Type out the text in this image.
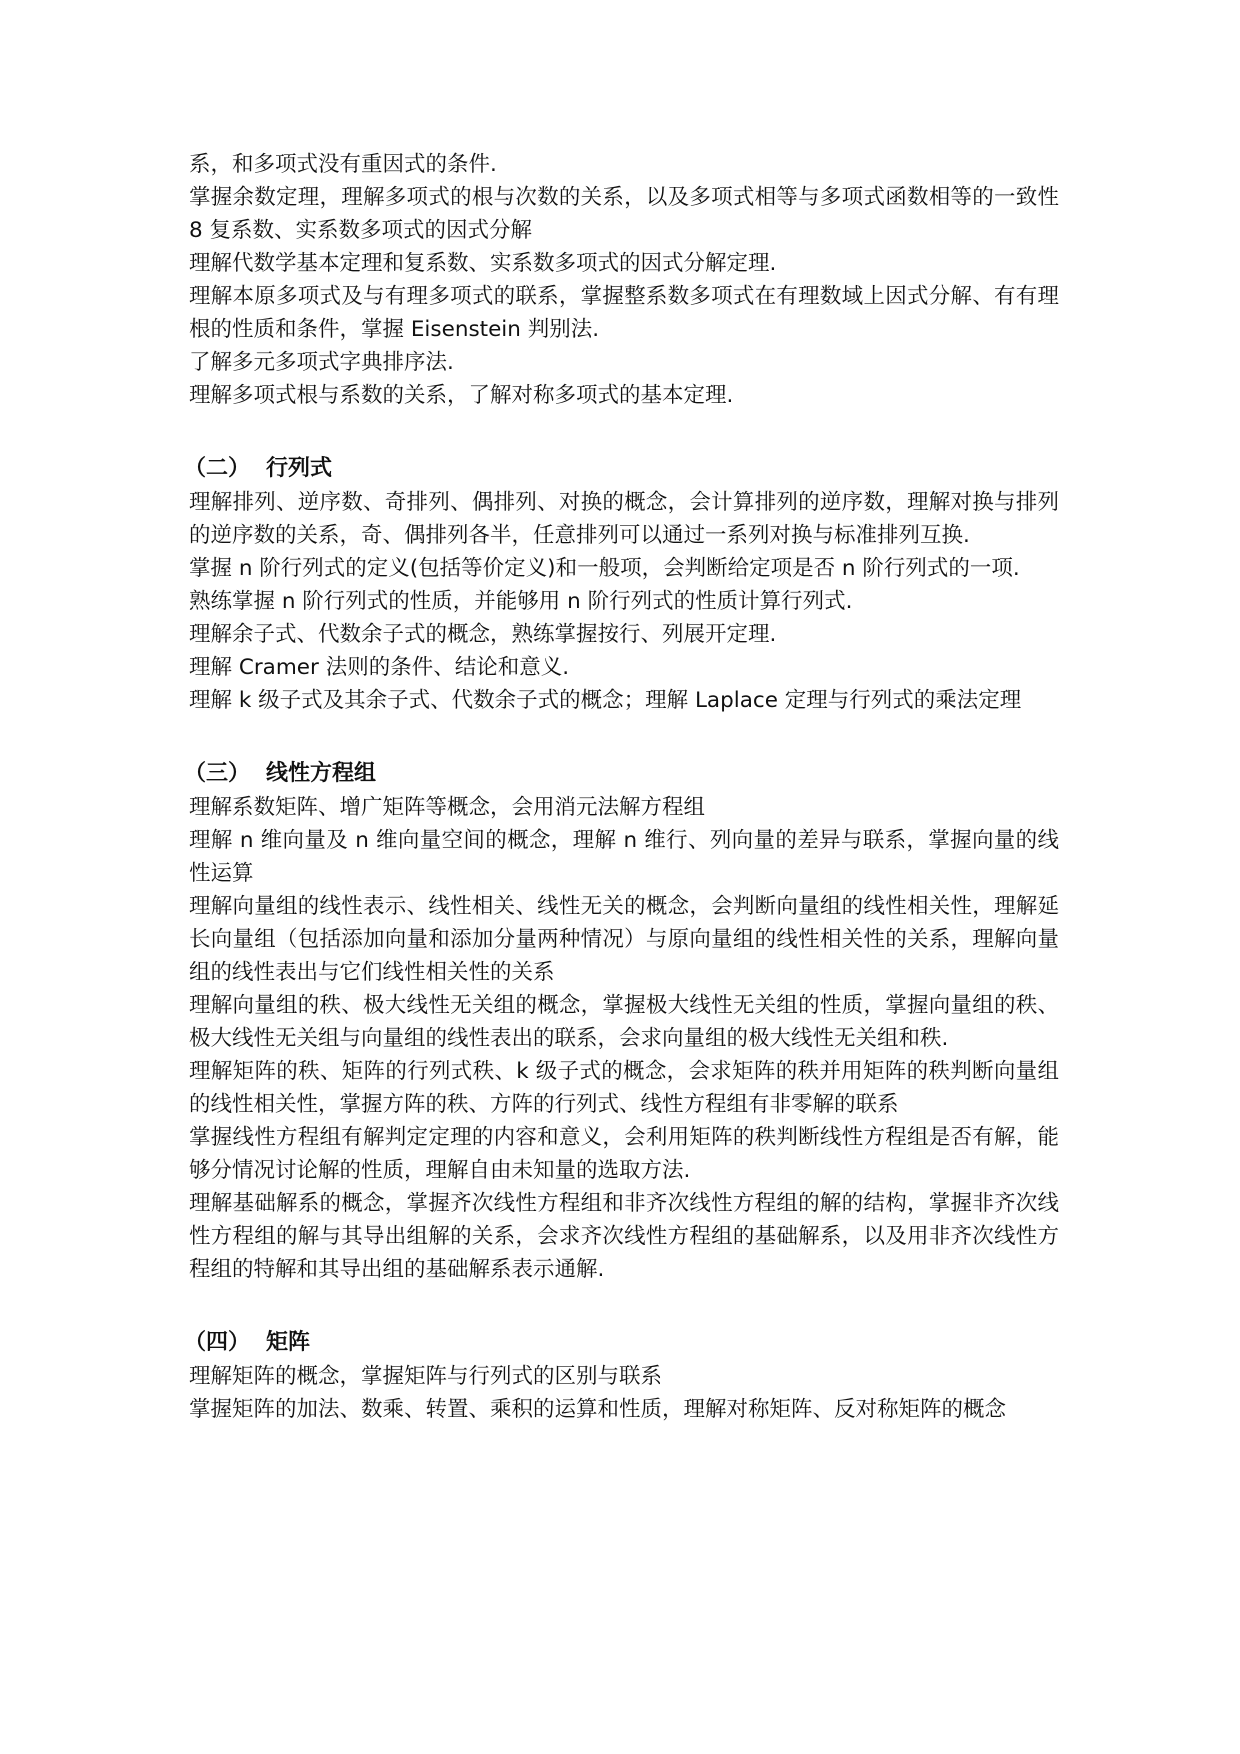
系，和多项式没有重因式的条件.

掌握余数定理，理解多项式的根与次数的关系，以及多项式相等与多项式函数相等的一致性 8 复系数、实系数多项式的因式分解

理解代数学基本定理和复系数、实系数多项式的因式分解定理.

理解本原多项式及与有理多项式的联系，掌握整系数多项式在有理数域上因式分解、有有理根的性质和条件，掌握 Eisenstein 判别法.

了解多元多项式字典排序法.

理解多项式根与系数的关系，了解对称多项式的基本定理.

（二） 行列式

理解排列、逆序数、奇排列、偶排列、对换的概念，会计算排列的逆序数，理解对换与排列的逆序数的关系，奇、偶排列各半，任意排列可以通过一系列对换与标准排列互换.

掌握 n 阶行列式的定义(包括等价定义)和一般项，会判断给定项是否 n 阶行列式的一项.

熟练掌握 n 阶行列式的性质，并能够用 n 阶行列式的性质计算行列式.

理解余子式、代数余子式的概念，熟练掌握按行、列展开定理.

理解 Cramer 法则的条件、结论和意义.

理解 k 级子式及其余子式、代数余子式的概念；理解 Laplace 定理与行列式的乘法定理

（三） 线性方程组

理解系数矩阵、增广矩阵等概念，会用消元法解方程组

理解 n 维向量及 n 维向量空间的概念，理解 n 维行、列向量的差异与联系，掌握向量的线性运算

理解向量组的线性表示、线性相关、线性无关的概念，会判断向量组的线性相关性，理解延长向量组（包括添加向量和添加分量两种情况）与原向量组的线性相关性的关系，理解向量组的线性表出与它们线性相关性的关系

理解向量组的秩、极大线性无关组的概念，掌握极大线性无关组的性质，掌握向量组的秩、极大线性无关组与向量组的线性表出的联系，会求向量组的极大线性无关组和秩.

理解矩阵的秩、矩阵的行列式秩、k 级子式的概念，会求矩阵的秩并用矩阵的秩判断向量组的线性相关性，掌握方阵的秩、方阵的行列式、线性方程组有非零解的联系

掌握线性方程组有解判定定理的内容和意义，会利用矩阵的秩判断线性方程组是否有解，能够分情况讨论解的性质，理解自由未知量的选取方法.

理解基础解系的概念，掌握齐次线性方程组和非齐次线性方程组的解的结构，掌握非齐次线性方程组的解与其导出组解的关系，会求齐次线性方程组的基础解系，以及用非齐次线性方程组的特解和其导出组的基础解系表示通解.

（四） 矩阵

理解矩阵的概念，掌握矩阵与行列式的区别与联系

掌握矩阵的加法、数乘、转置、乘积的运算和性质，理解对称矩阵、反对称矩阵的概念
